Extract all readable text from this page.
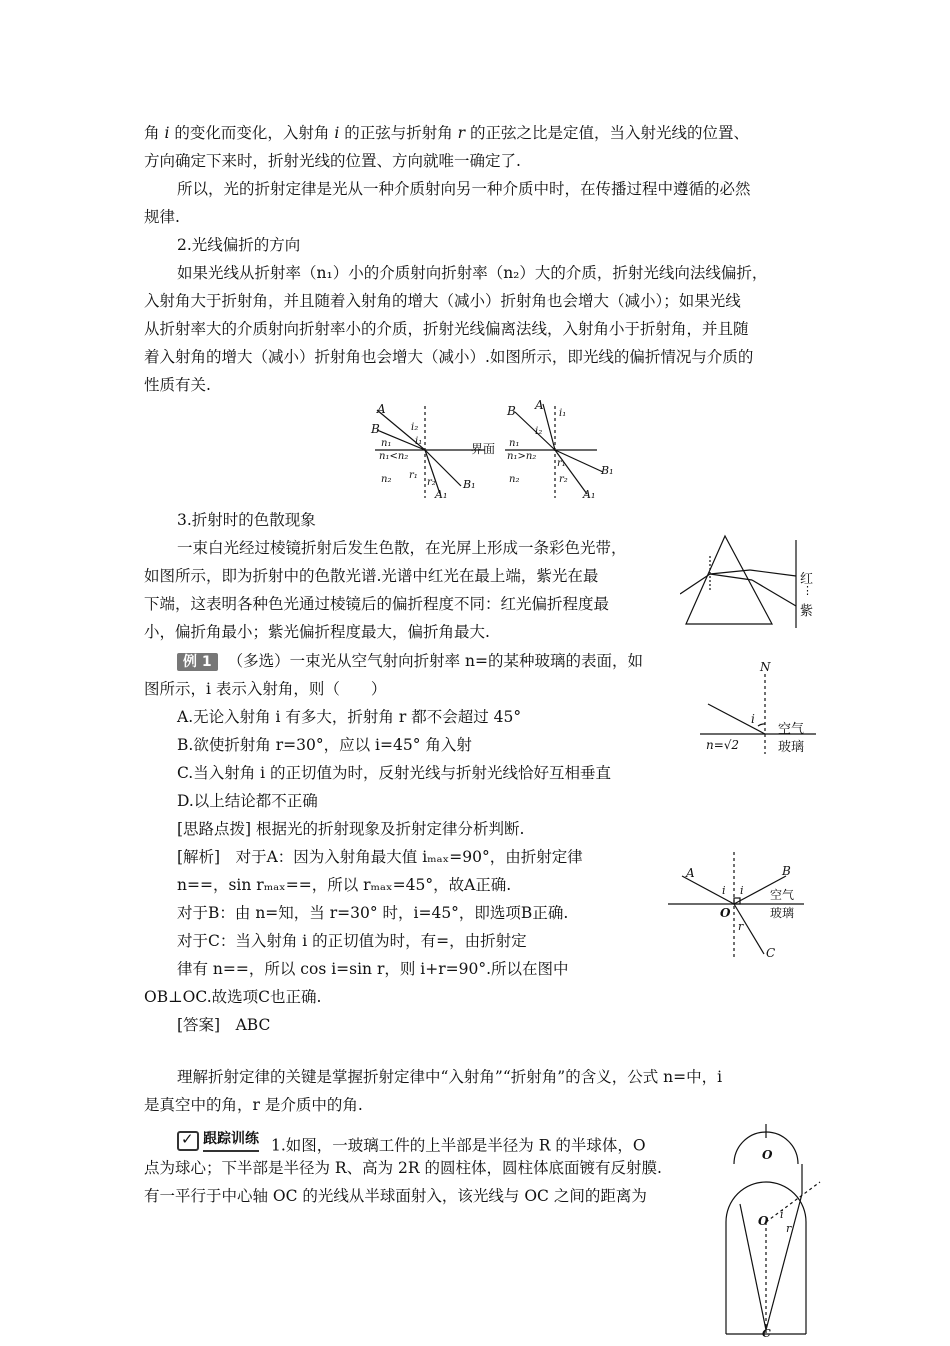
角 i 的变化而变化，入射角 i 的正弦与折射角 r 的正弦之比是定值，当入射光线的位置、
方向确定下来时，折射光线的位置、方向就唯一确定了.
所以，光的折射定律是光从一种介质射向另一种介质中时，在传播过程中遵循的必然
规律.
2.光线偏折的方向
如果光线从折射率（n₁）小的介质射向折射率（n₂）大的介质，折射光线向法线偏折，
入射角大于折射角，并且随着入射角的增大（减小）折射角也会增大（减小）；如果光线
从折射率大的介质射向折射率小的介质，折射光线偏离法线，入射角小于折射角，并且随
着入射角的增大（减小）折射角也会增大（减小）.如图所示，即光线的偏折情况与介质的
性质有关.
A
B	i₂
i₁
n₁
n₁<n₂
n₂ r₁
r₂
A₁
B₁
界面
B A
i₁
i₂
n₁
n₁>n₂
n₂
r₁
r₂
B₁
A₁
3.折射时的色散现象
一束白光经过棱镜折射后发生色散，在光屏上形成一条彩色光带，
如图所示，即为折射中的色散光谱.光谱中红光在最上端，紫光在最
下端，这表明各种色光通过棱镜后的偏折程度不同：红光偏折程度最
小，偏折角最小；紫光偏折程度最大，偏折角最大.
红
⋮
紫
例 1 （多选）一束光从空气射向折射率 n=的某种玻璃的表面，如
图所示，i 表示入射角，则（　　）
A.无论入射角 i 有多大，折射角 r 都不会超过 45°
B.欲使折射角 r=30°，应以 i=45° 角入射
C.当入射角 i 的正切值为时，反射光线与折射光线恰好互相垂直
D.以上结论都不正确
[思路点拨] 根据光的折射现象及折射定律分析判断.
[解析]　对于A：因为入射角最大值 iₘₐₓ=90°，由折射定律
n==，sin rₘₐₓ==，所以 rₘₐₓ=45°，故A正确.
对于B：由 n=知，当 r=30° 时，i=45°，即选项B正确.
对于C：当入射角 i 的正切值为时，有=，由折射定
律有 n==，所以 cos i=sin r，则 i+r=90°.所以在图中
OB⊥OC.故选项C也正确.
[答案]　ABC
N
i
空气
玻璃
n=√2
A	B
i i
O
空气
玻璃
r
C
理解折射定律的关键是掌握折射定律中“入射角”“折射角”的含义，公式 n=中，i
是真空中的角，r 是介质中的角.
✓
跟踪训练 1.如图，一玻璃工件的上半部是半径为 R 的半球体，O
点为球心；下半部是半径为 R、高为 2R 的圆柱体，圆柱体底面镀有反射膜.
有一平行于中心轴 OC 的光线从半球面射入，该光线与 OC 之间的距离为
O
O i
r
C
